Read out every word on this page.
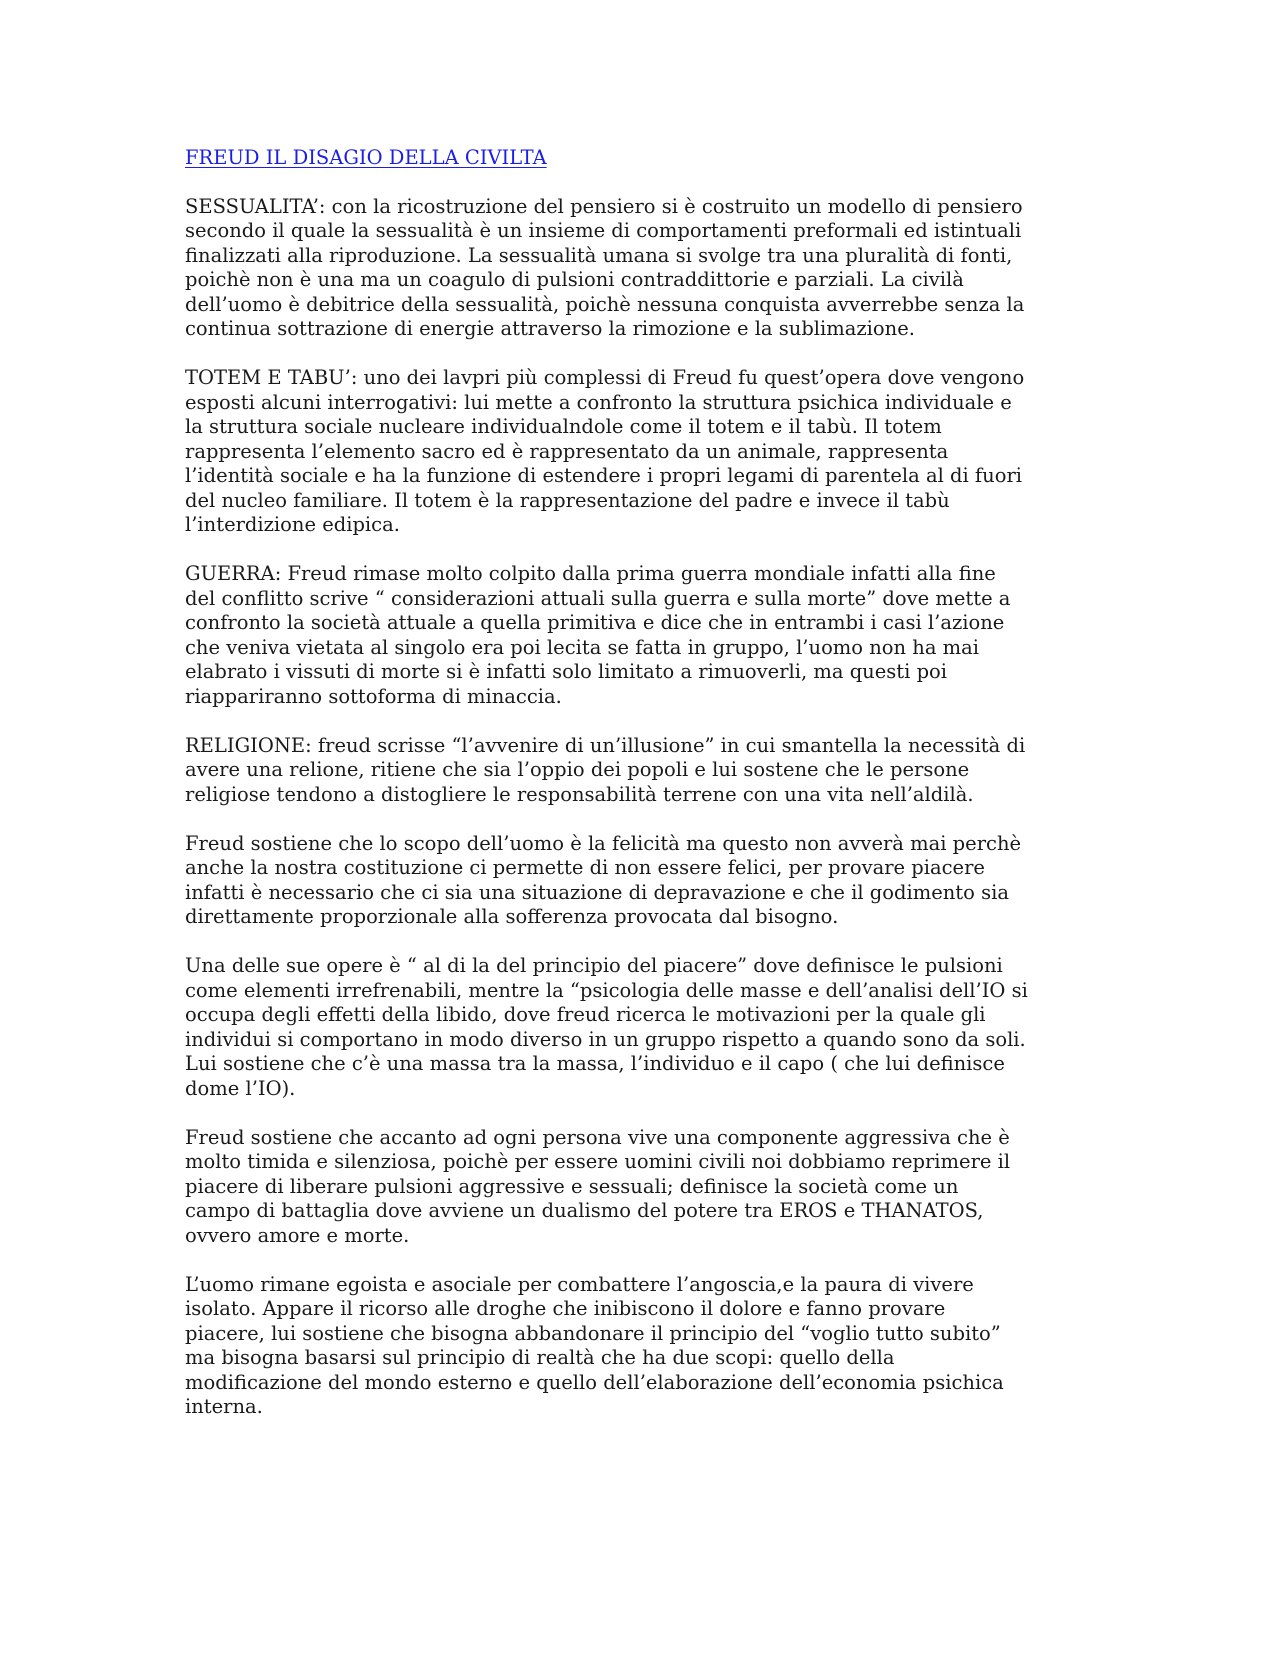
FREUD IL DISAGIO DELLA CIVILTA
SESSUALITA’: con la ricostruzione del pensiero si è costruito un modello di pensiero
secondo il quale la sessualità è un insieme di comportamenti preformali ed istintuali
finalizzati alla riproduzione. La sessualità umana si svolge tra una pluralità di fonti,
poichè non è una ma un coagulo di pulsioni contraddittorie e parziali. La civilà
dell’uomo è debitrice della sessualità, poichè nessuna conquista avverrebbe senza la
continua sottrazione di energie attraverso la rimozione e la sublimazione.
TOTEM E TABU’: uno dei lavpri più complessi di Freud fu quest’opera dove vengono
esposti alcuni interrogativi: lui mette a confronto la struttura psichica individuale e
la struttura sociale nucleare individualndole come il totem e il tabù. Il totem
rappresenta l’elemento sacro ed è rappresentato da un animale, rappresenta
l’identità sociale e ha la funzione di estendere i propri legami di parentela al di fuori
del nucleo familiare. Il totem è la rappresentazione del padre e invece il tabù
l’interdizione edipica.
GUERRA: Freud rimase molto colpito dalla prima guerra mondiale infatti alla fine
del conflitto scrive “ considerazioni attuali sulla guerra e sulla morte” dove mette a
confronto la società attuale a quella primitiva e dice che in entrambi i casi l’azione
che veniva vietata al singolo era poi lecita se fatta in gruppo, l’uomo non ha mai
elabrato i vissuti di morte si è infatti solo limitato a rimuoverli, ma questi poi
riappariranno sottoforma di minaccia.
RELIGIONE: freud scrisse “l’avvenire di un’illusione” in cui smantella la necessità di
avere una relione, ritiene che sia l’oppio dei popoli e lui sostene che le persone
religiose tendono a distogliere le responsabilità terrene con una vita nell’aldilà.
Freud sostiene che lo scopo dell’uomo è la felicità ma questo non avverà mai perchè
anche la nostra costituzione ci permette di non essere felici, per provare piacere
infatti è necessario che ci sia una situazione di depravazione e che il godimento sia
direttamente proporzionale alla sofferenza provocata dal bisogno.
Una delle sue opere è “ al di la del principio del piacere” dove definisce le pulsioni
come elementi irrefrenabili, mentre la “psicologia delle masse e dell’analisi dell’IO si
occupa degli effetti della libido, dove freud ricerca le motivazioni per la quale gli
individui si comportano in modo diverso in un gruppo rispetto a quando sono da soli.
Lui sostiene che c’è una massa tra la massa, l’individuo e il capo ( che lui definisce
dome l’IO).
Freud sostiene che accanto ad ogni persona vive una componente aggressiva che è
molto timida e silenziosa, poichè per essere uomini civili noi dobbiamo reprimere il
piacere di liberare pulsioni aggressive e sessuali; definisce la società come un
campo di battaglia dove avviene un dualismo del potere tra EROS e THANATOS,
ovvero amore e morte.
L’uomo rimane egoista e asociale per combattere l’angoscia,e la paura di vivere
isolato. Appare il ricorso alle droghe che inibiscono il dolore e fanno provare
piacere, lui sostiene che bisogna abbandonare il principio del “voglio tutto subito”
ma bisogna basarsi sul principio di realtà che ha due scopi: quello della
modificazione del mondo esterno e quello dell’elaborazione dell’economia psichica
interna.
